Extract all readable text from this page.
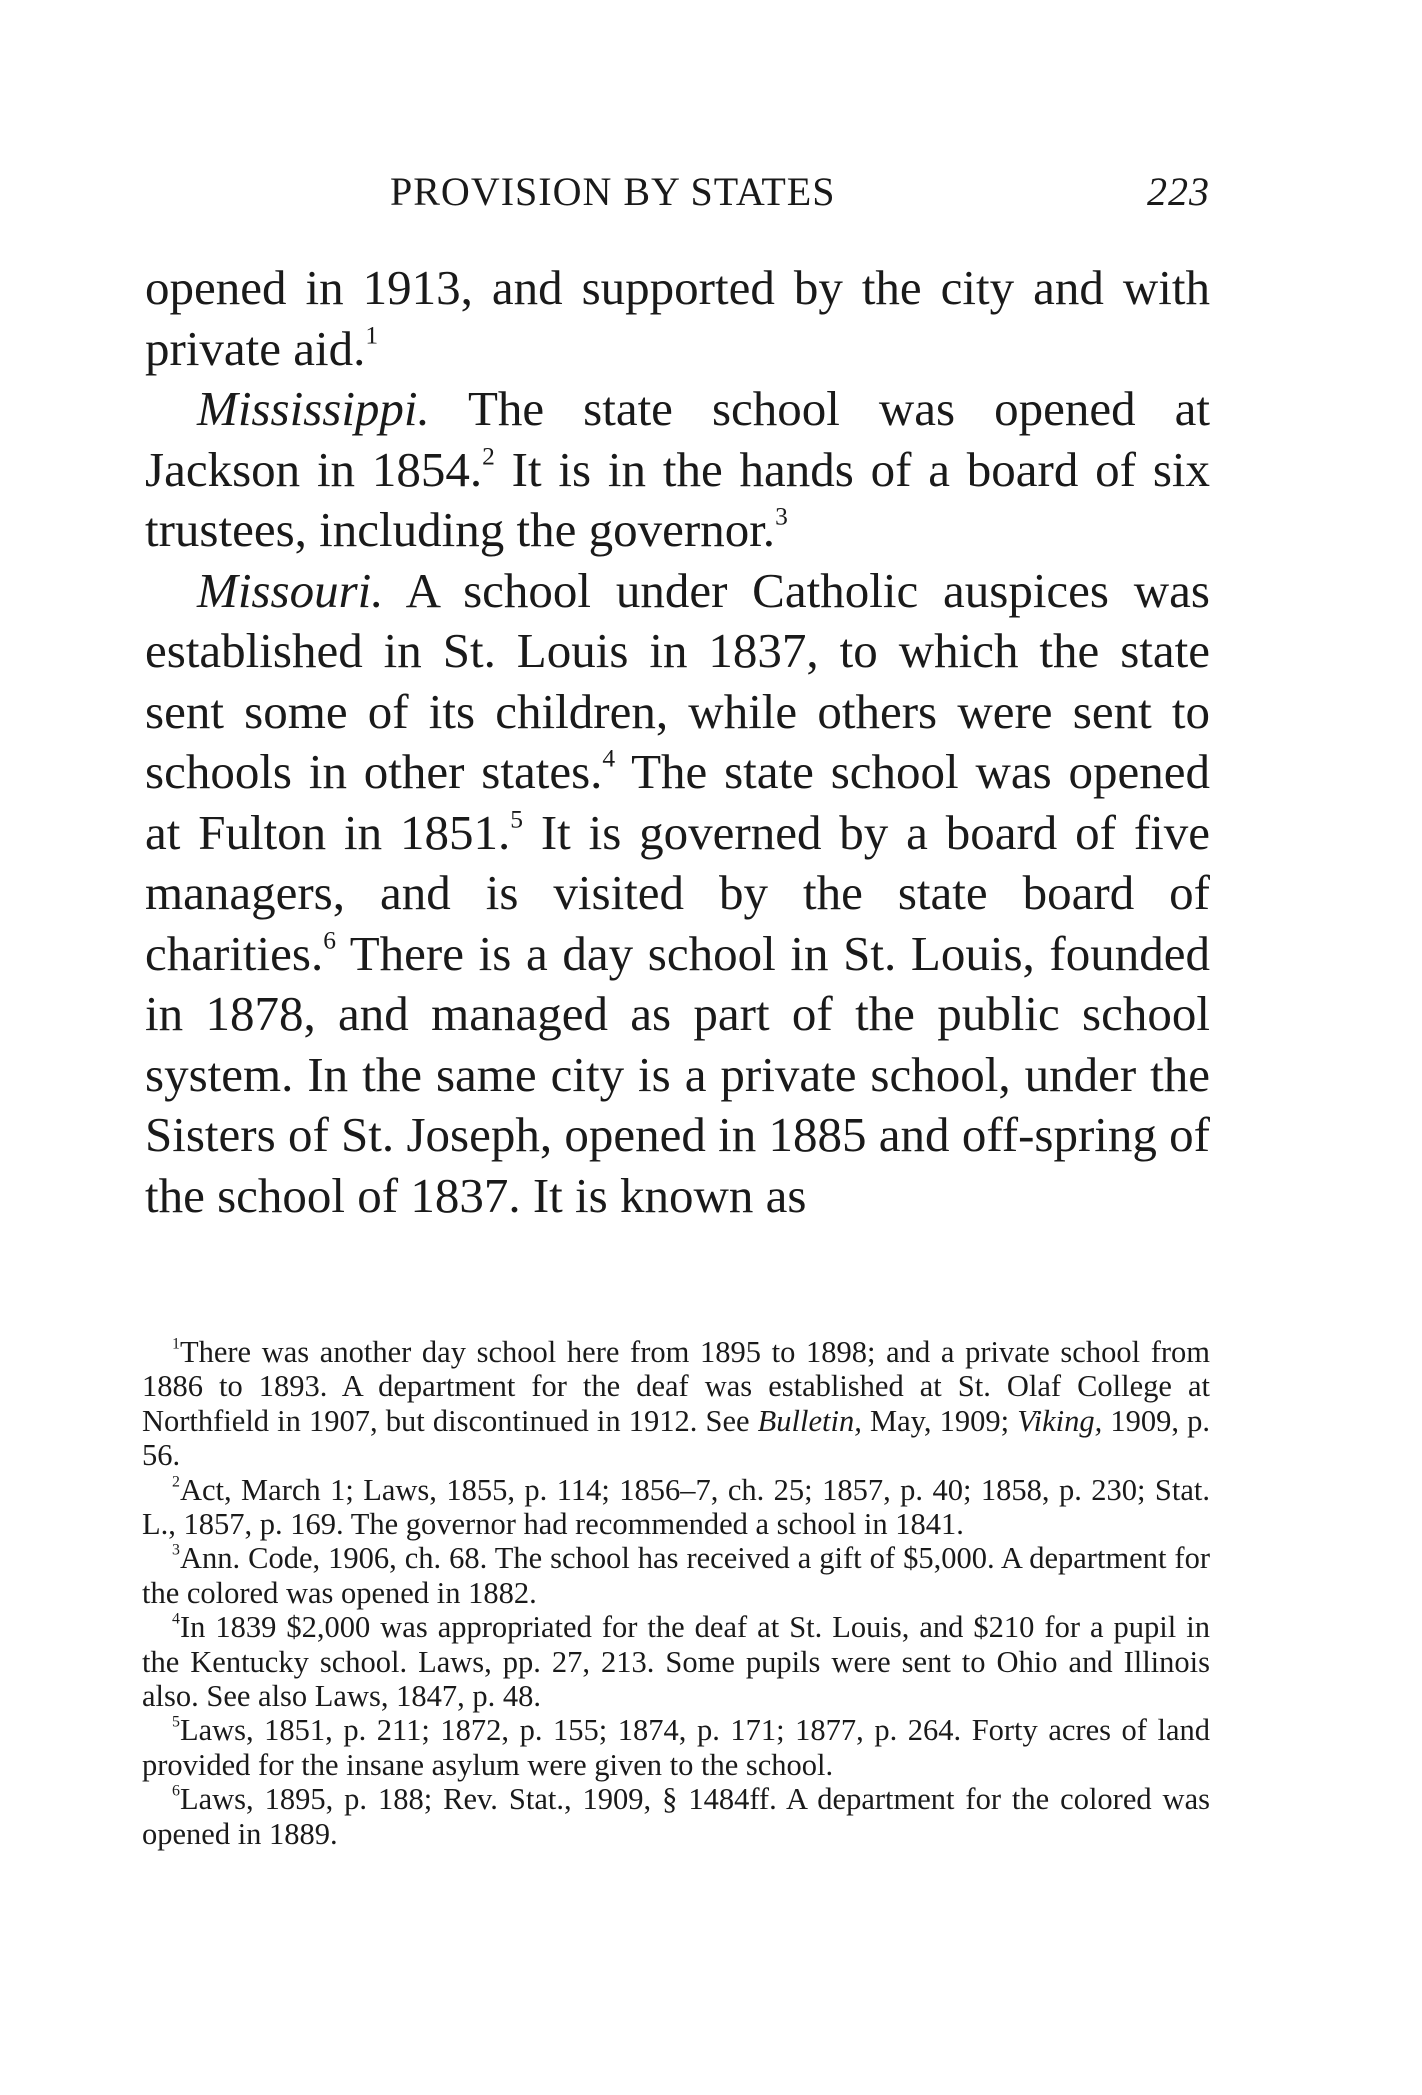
PROVISION BY STATES	223

opened in 1913, and supported by the city and with private aid.$^1$

Mississippi. The state school was opened at Jackson in 1854.$^2$ It is in the hands of a board of six trustees, including the governor.$^3$

Missouri. A school under Catholic auspices was established in St. Louis in 1837, to which the state sent some of its children, while others were sent to schools in other states.$^4$ The state school was opened at Fulton in 1851.$^5$ It is governed by a board of five managers, and is visited by the state board of charities.$^6$ There is a day school in St. Louis, founded in 1878, and managed as part of the public school system. In the same city is a private school, under the Sisters of St. Joseph, opened in 1885 and off-spring of the school of 1837. It is known as

$^1$There was another day school here from 1895 to 1898; and a private school from 1886 to 1893. A department for the deaf was established at St. Olaf College at Northfield in 1907, but discontinued in 1912. See Bulletin, May, 1909; Viking, 1909, p. 56.

$^2$Act, March 1; Laws, 1855, p. 114; 1856–7, ch. 25; 1857, p. 40; 1858, p. 230; Stat. L., 1857, p. 169. The governor had recommended a school in 1841.

$^3$Ann. Code, 1906, ch. 68. The school has received a gift of $5,000. A department for the colored was opened in 1882.

$^4$In 1839 $2,000 was appropriated for the deaf at St. Louis, and $210 for a pupil in the Kentucky school. Laws, pp. 27, 213. Some pupils were sent to Ohio and Illinois also. See also Laws, 1847, p. 48.

$^5$Laws, 1851, p. 211; 1872, p. 155; 1874, p. 171; 1877, p. 264. Forty acres of land provided for the insane asylum were given to the school.

$^6$Laws, 1895, p. 188; Rev. Stat., 1909, § 1484ff. A department for the colored was opened in 1889.
